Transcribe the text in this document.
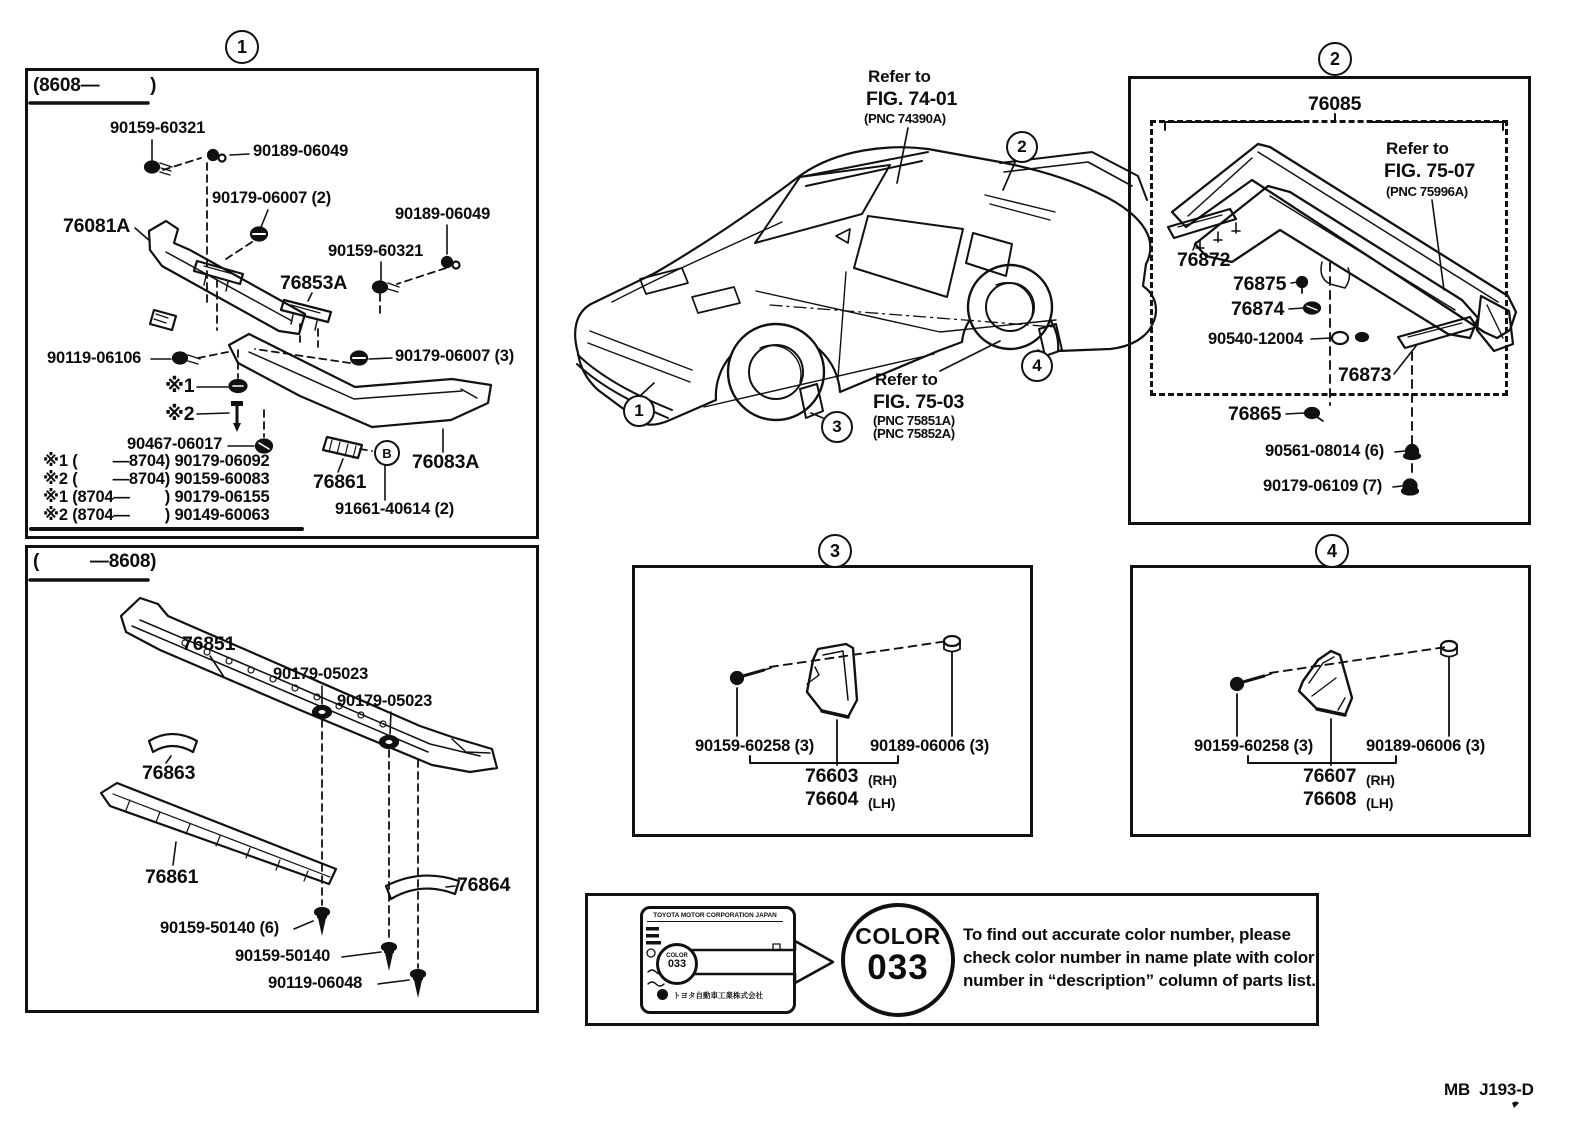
1
2
3	4
1
2
3
4
B
(8608—          )
90159-60321
90189-06049
90179-06007 (2)
76081A
90189-06049
90159-60321
76853A
90119-06106
※1
※2
90179-06007 (3)
90467-06017
76861
76083A
91661-40614 (2)
※1 (        —8704) 90179-06092
※2 (        —8704) 90159-60083
※1 (8704—        ) 90179-06155
※2 (8704—        ) 90149-60063
(          —8608)
76851
90179-05023
90179-05023
76863
76861	76864
90159-50140 (6)
90159-50140
90119-06048
Refer to
FIG. 74-01
(PNC 74390A)
Refer to
FIG. 75-03
(PNC 75851A)
(PNC 75852A)
76085
Refer to
FIG. 75-07
(PNC 75996A)
76872
76875
76874
90540-12004
76873
76865
90561-08014 (6)
90179-06109 (7)
90159-60258 (3)	90189-06006 (3)
76603 (RH)
76604 (LH)
90159-60258 (3)	90189-06006 (3)
76607 (RH)
76608 (LH)
TOYOTA MOTOR CORPORATION JAPAN
COLOR
033
トヨタ自動車工業株式会社
COLOR
033
To find out accurate color number, please
check color number in name plate with color
number in “description” column of parts list.
MB  J193-D
